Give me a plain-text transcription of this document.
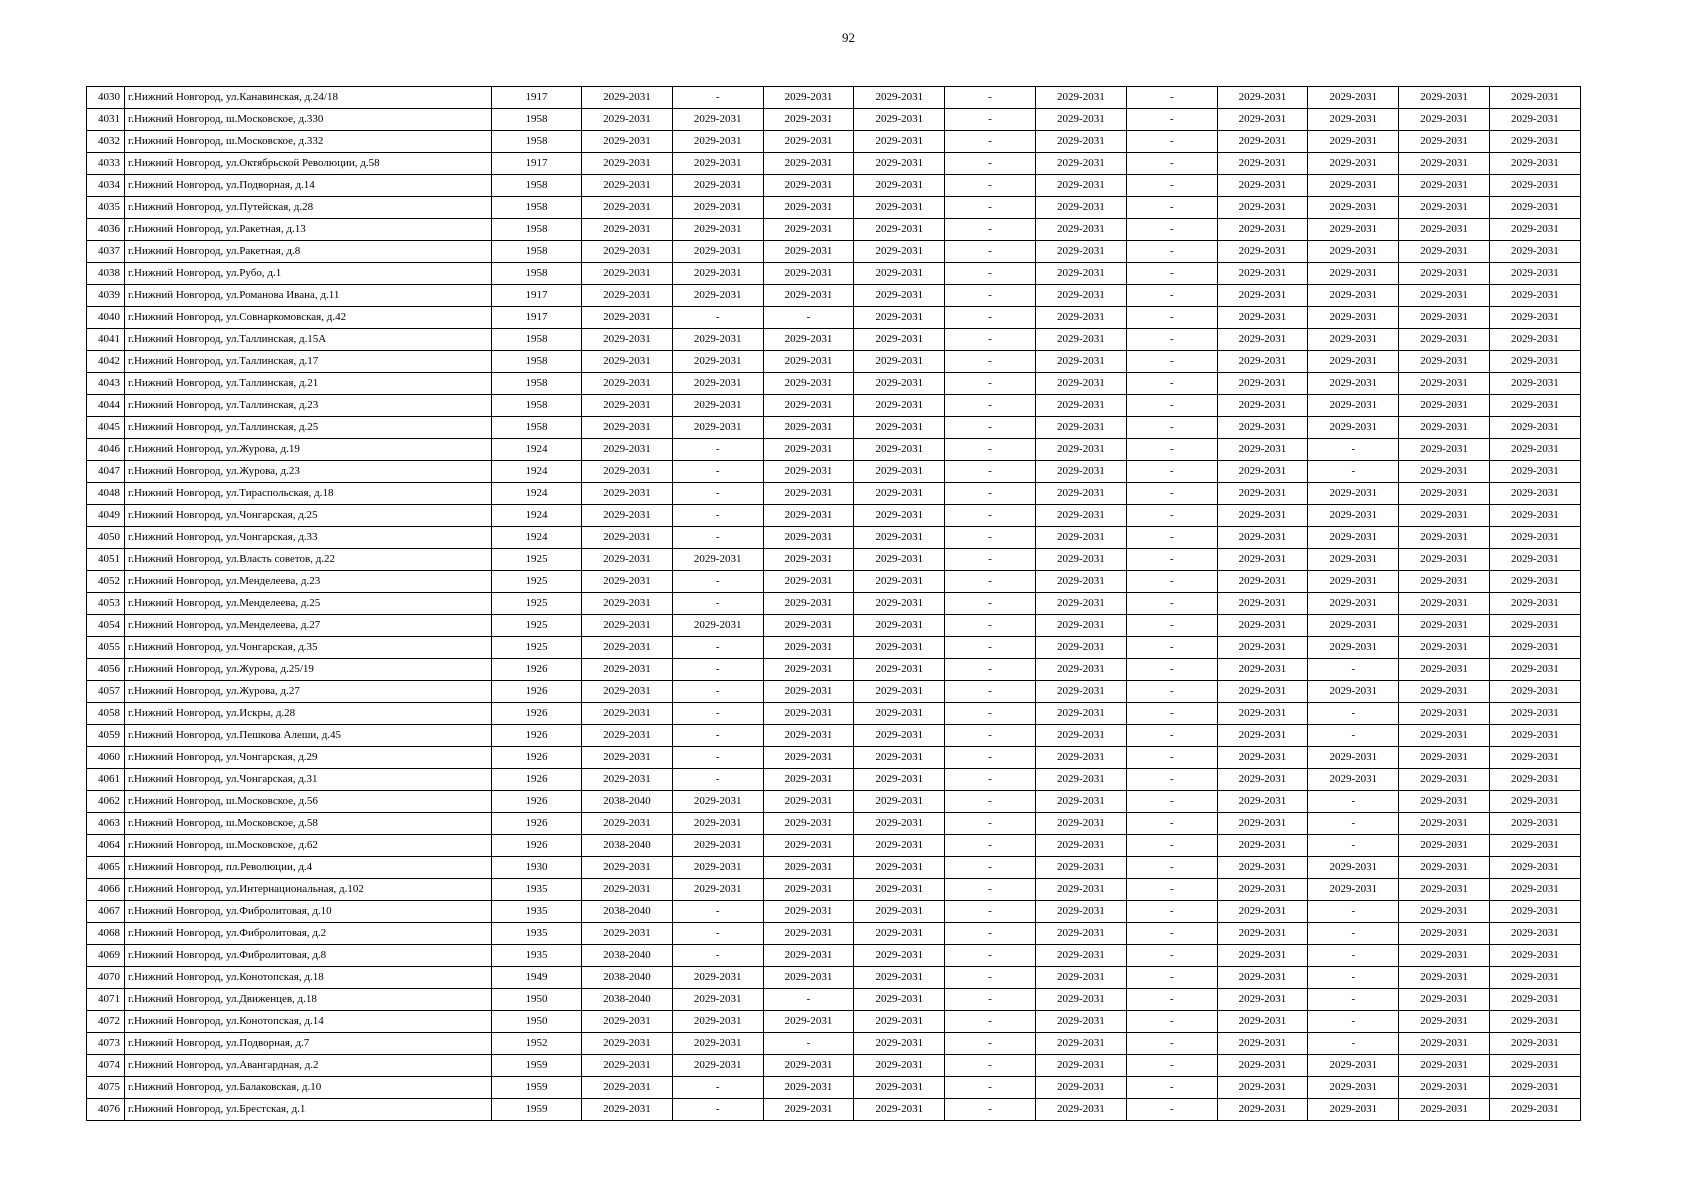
92
4030	г.Нижний Новгород, ул.Канавинская, д.24/18	1917	2029-2031	-	2029-2031	2029-2031	-	2029-2031	-	2029-2031	2029-2031	2029-2031	2029-2031
4031	г.Нижний Новгород, ш.Московское, д.330	1958	2029-2031	2029-2031	2029-2031	2029-2031	-	2029-2031	-	2029-2031	2029-2031	2029-2031	2029-2031
4032	г.Нижний Новгород, ш.Московское, д.332	1958	2029-2031	2029-2031	2029-2031	2029-2031	-	2029-2031	-	2029-2031	2029-2031	2029-2031	2029-2031
4033	г.Нижний Новгород, ул.Октябрьской Революции, д.58	1917	2029-2031	2029-2031	2029-2031	2029-2031	-	2029-2031	-	2029-2031	2029-2031	2029-2031	2029-2031
4034	г.Нижний Новгород, ул.Подворная, д.14	1958	2029-2031	2029-2031	2029-2031	2029-2031	-	2029-2031	-	2029-2031	2029-2031	2029-2031	2029-2031
4035	г.Нижний Новгород, ул.Путейская, д.28	1958	2029-2031	2029-2031	2029-2031	2029-2031	-	2029-2031	-	2029-2031	2029-2031	2029-2031	2029-2031
4036	г.Нижний Новгород, ул.Ракетная, д.13	1958	2029-2031	2029-2031	2029-2031	2029-2031	-	2029-2031	-	2029-2031	2029-2031	2029-2031	2029-2031
4037	г.Нижний Новгород, ул.Ракетная, д.8	1958	2029-2031	2029-2031	2029-2031	2029-2031	-	2029-2031	-	2029-2031	2029-2031	2029-2031	2029-2031
4038	г.Нижний Новгород, ул.Рубо, д.1	1958	2029-2031	2029-2031	2029-2031	2029-2031	-	2029-2031	-	2029-2031	2029-2031	2029-2031	2029-2031
4039	г.Нижний Новгород, ул.Романова Ивана, д.11	1917	2029-2031	2029-2031	2029-2031	2029-2031	-	2029-2031	-	2029-2031	2029-2031	2029-2031	2029-2031
4040	г.Нижний Новгород, ул.Совнаркомовская, д.42	1917	2029-2031	-	-	2029-2031	-	2029-2031	-	2029-2031	2029-2031	2029-2031	2029-2031
4041	г.Нижний Новгород, ул.Таллинская, д.15А	1958	2029-2031	2029-2031	2029-2031	2029-2031	-	2029-2031	-	2029-2031	2029-2031	2029-2031	2029-2031
4042	г.Нижний Новгород, ул.Таллинская, д.17	1958	2029-2031	2029-2031	2029-2031	2029-2031	-	2029-2031	-	2029-2031	2029-2031	2029-2031	2029-2031
4043	г.Нижний Новгород, ул.Таллинская, д.21	1958	2029-2031	2029-2031	2029-2031	2029-2031	-	2029-2031	-	2029-2031	2029-2031	2029-2031	2029-2031
4044	г.Нижний Новгород, ул.Таллинская, д.23	1958	2029-2031	2029-2031	2029-2031	2029-2031	-	2029-2031	-	2029-2031	2029-2031	2029-2031	2029-2031
4045	г.Нижний Новгород, ул.Таллинская, д.25	1958	2029-2031	2029-2031	2029-2031	2029-2031	-	2029-2031	-	2029-2031	2029-2031	2029-2031	2029-2031
4046	г.Нижний Новгород, ул.Журова, д.19	1924	2029-2031	-	2029-2031	2029-2031	-	2029-2031	-	2029-2031	-	2029-2031	2029-2031
4047	г.Нижний Новгород, ул.Журова, д.23	1924	2029-2031	-	2029-2031	2029-2031	-	2029-2031	-	2029-2031	-	2029-2031	2029-2031
4048	г.Нижний Новгород, ул.Тираспольская, д.18	1924	2029-2031	-	2029-2031	2029-2031	-	2029-2031	-	2029-2031	2029-2031	2029-2031	2029-2031
4049	г.Нижний Новгород, ул.Чонгарская, д.25	1924	2029-2031	-	2029-2031	2029-2031	-	2029-2031	-	2029-2031	2029-2031	2029-2031	2029-2031
4050	г.Нижний Новгород, ул.Чонгарская, д.33	1924	2029-2031	-	2029-2031	2029-2031	-	2029-2031	-	2029-2031	2029-2031	2029-2031	2029-2031
4051	г.Нижний Новгород, ул.Власть советов, д.22	1925	2029-2031	2029-2031	2029-2031	2029-2031	-	2029-2031	-	2029-2031	2029-2031	2029-2031	2029-2031
4052	г.Нижний Новгород, ул.Менделеева, д.23	1925	2029-2031	-	2029-2031	2029-2031	-	2029-2031	-	2029-2031	2029-2031	2029-2031	2029-2031
4053	г.Нижний Новгород, ул.Менделеева, д.25	1925	2029-2031	-	2029-2031	2029-2031	-	2029-2031	-	2029-2031	2029-2031	2029-2031	2029-2031
4054	г.Нижний Новгород, ул.Менделеева, д.27	1925	2029-2031	2029-2031	2029-2031	2029-2031	-	2029-2031	-	2029-2031	2029-2031	2029-2031	2029-2031
4055	г.Нижний Новгород, ул.Чонгарская, д.35	1925	2029-2031	-	2029-2031	2029-2031	-	2029-2031	-	2029-2031	2029-2031	2029-2031	2029-2031
4056	г.Нижний Новгород, ул.Журова, д.25/19	1926	2029-2031	-	2029-2031	2029-2031	-	2029-2031	-	2029-2031	-	2029-2031	2029-2031
4057	г.Нижний Новгород, ул.Журова, д.27	1926	2029-2031	-	2029-2031	2029-2031	-	2029-2031	-	2029-2031	2029-2031	2029-2031	2029-2031
4058	г.Нижний Новгород, ул.Искры, д.28	1926	2029-2031	-	2029-2031	2029-2031	-	2029-2031	-	2029-2031	-	2029-2031	2029-2031
4059	г.Нижний Новгород, ул.Пешкова Алеши, д.45	1926	2029-2031	-	2029-2031	2029-2031	-	2029-2031	-	2029-2031	-	2029-2031	2029-2031
4060	г.Нижний Новгород, ул.Чонгарская, д.29	1926	2029-2031	-	2029-2031	2029-2031	-	2029-2031	-	2029-2031	2029-2031	2029-2031	2029-2031
4061	г.Нижний Новгород, ул.Чонгарская, д.31	1926	2029-2031	-	2029-2031	2029-2031	-	2029-2031	-	2029-2031	2029-2031	2029-2031	2029-2031
4062	г.Нижний Новгород, ш.Московское, д.56	1926	2038-2040	2029-2031	2029-2031	2029-2031	-	2029-2031	-	2029-2031	-	2029-2031	2029-2031
4063	г.Нижний Новгород, ш.Московское, д.58	1926	2029-2031	2029-2031	2029-2031	2029-2031	-	2029-2031	-	2029-2031	-	2029-2031	2029-2031
4064	г.Нижний Новгород, ш.Московское, д.62	1926	2038-2040	2029-2031	2029-2031	2029-2031	-	2029-2031	-	2029-2031	-	2029-2031	2029-2031
4065	г.Нижний Новгород, пл.Революции, д.4	1930	2029-2031	2029-2031	2029-2031	2029-2031	-	2029-2031	-	2029-2031	2029-2031	2029-2031	2029-2031
4066	г.Нижний Новгород, ул.Интернациональная, д.102	1935	2029-2031	2029-2031	2029-2031	2029-2031	-	2029-2031	-	2029-2031	2029-2031	2029-2031	2029-2031
4067	г.Нижний Новгород, ул.Фибролитовая, д.10	1935	2038-2040	-	2029-2031	2029-2031	-	2029-2031	-	2029-2031	-	2029-2031	2029-2031
4068	г.Нижний Новгород, ул.Фибролитовая, д.2	1935	2029-2031	-	2029-2031	2029-2031	-	2029-2031	-	2029-2031	-	2029-2031	2029-2031
4069	г.Нижний Новгород, ул.Фибролитовая, д.8	1935	2038-2040	-	2029-2031	2029-2031	-	2029-2031	-	2029-2031	-	2029-2031	2029-2031
4070	г.Нижний Новгород, ул.Конотопская, д.18	1949	2038-2040	2029-2031	2029-2031	2029-2031	-	2029-2031	-	2029-2031	-	2029-2031	2029-2031
4071	г.Нижний Новгород, ул.Движенцев, д.18	1950	2038-2040	2029-2031	-	2029-2031	-	2029-2031	-	2029-2031	-	2029-2031	2029-2031
4072	г.Нижний Новгород, ул.Конотопская, д.14	1950	2029-2031	2029-2031	2029-2031	2029-2031	-	2029-2031	-	2029-2031	-	2029-2031	2029-2031
4073	г.Нижний Новгород, ул.Подворная, д.7	1952	2029-2031	2029-2031	-	2029-2031	-	2029-2031	-	2029-2031	-	2029-2031	2029-2031
4074	г.Нижний Новгород, ул.Авангардная, д.2	1959	2029-2031	2029-2031	2029-2031	2029-2031	-	2029-2031	-	2029-2031	2029-2031	2029-2031	2029-2031
4075	г.Нижний Новгород, ул.Балаковская, д.10	1959	2029-2031	-	2029-2031	2029-2031	-	2029-2031	-	2029-2031	2029-2031	2029-2031	2029-2031
4076	г.Нижний Новгород, ул.Брестская, д.1	1959	2029-2031	-	2029-2031	2029-2031	-	2029-2031	-	2029-2031	2029-2031	2029-2031	2029-2031
